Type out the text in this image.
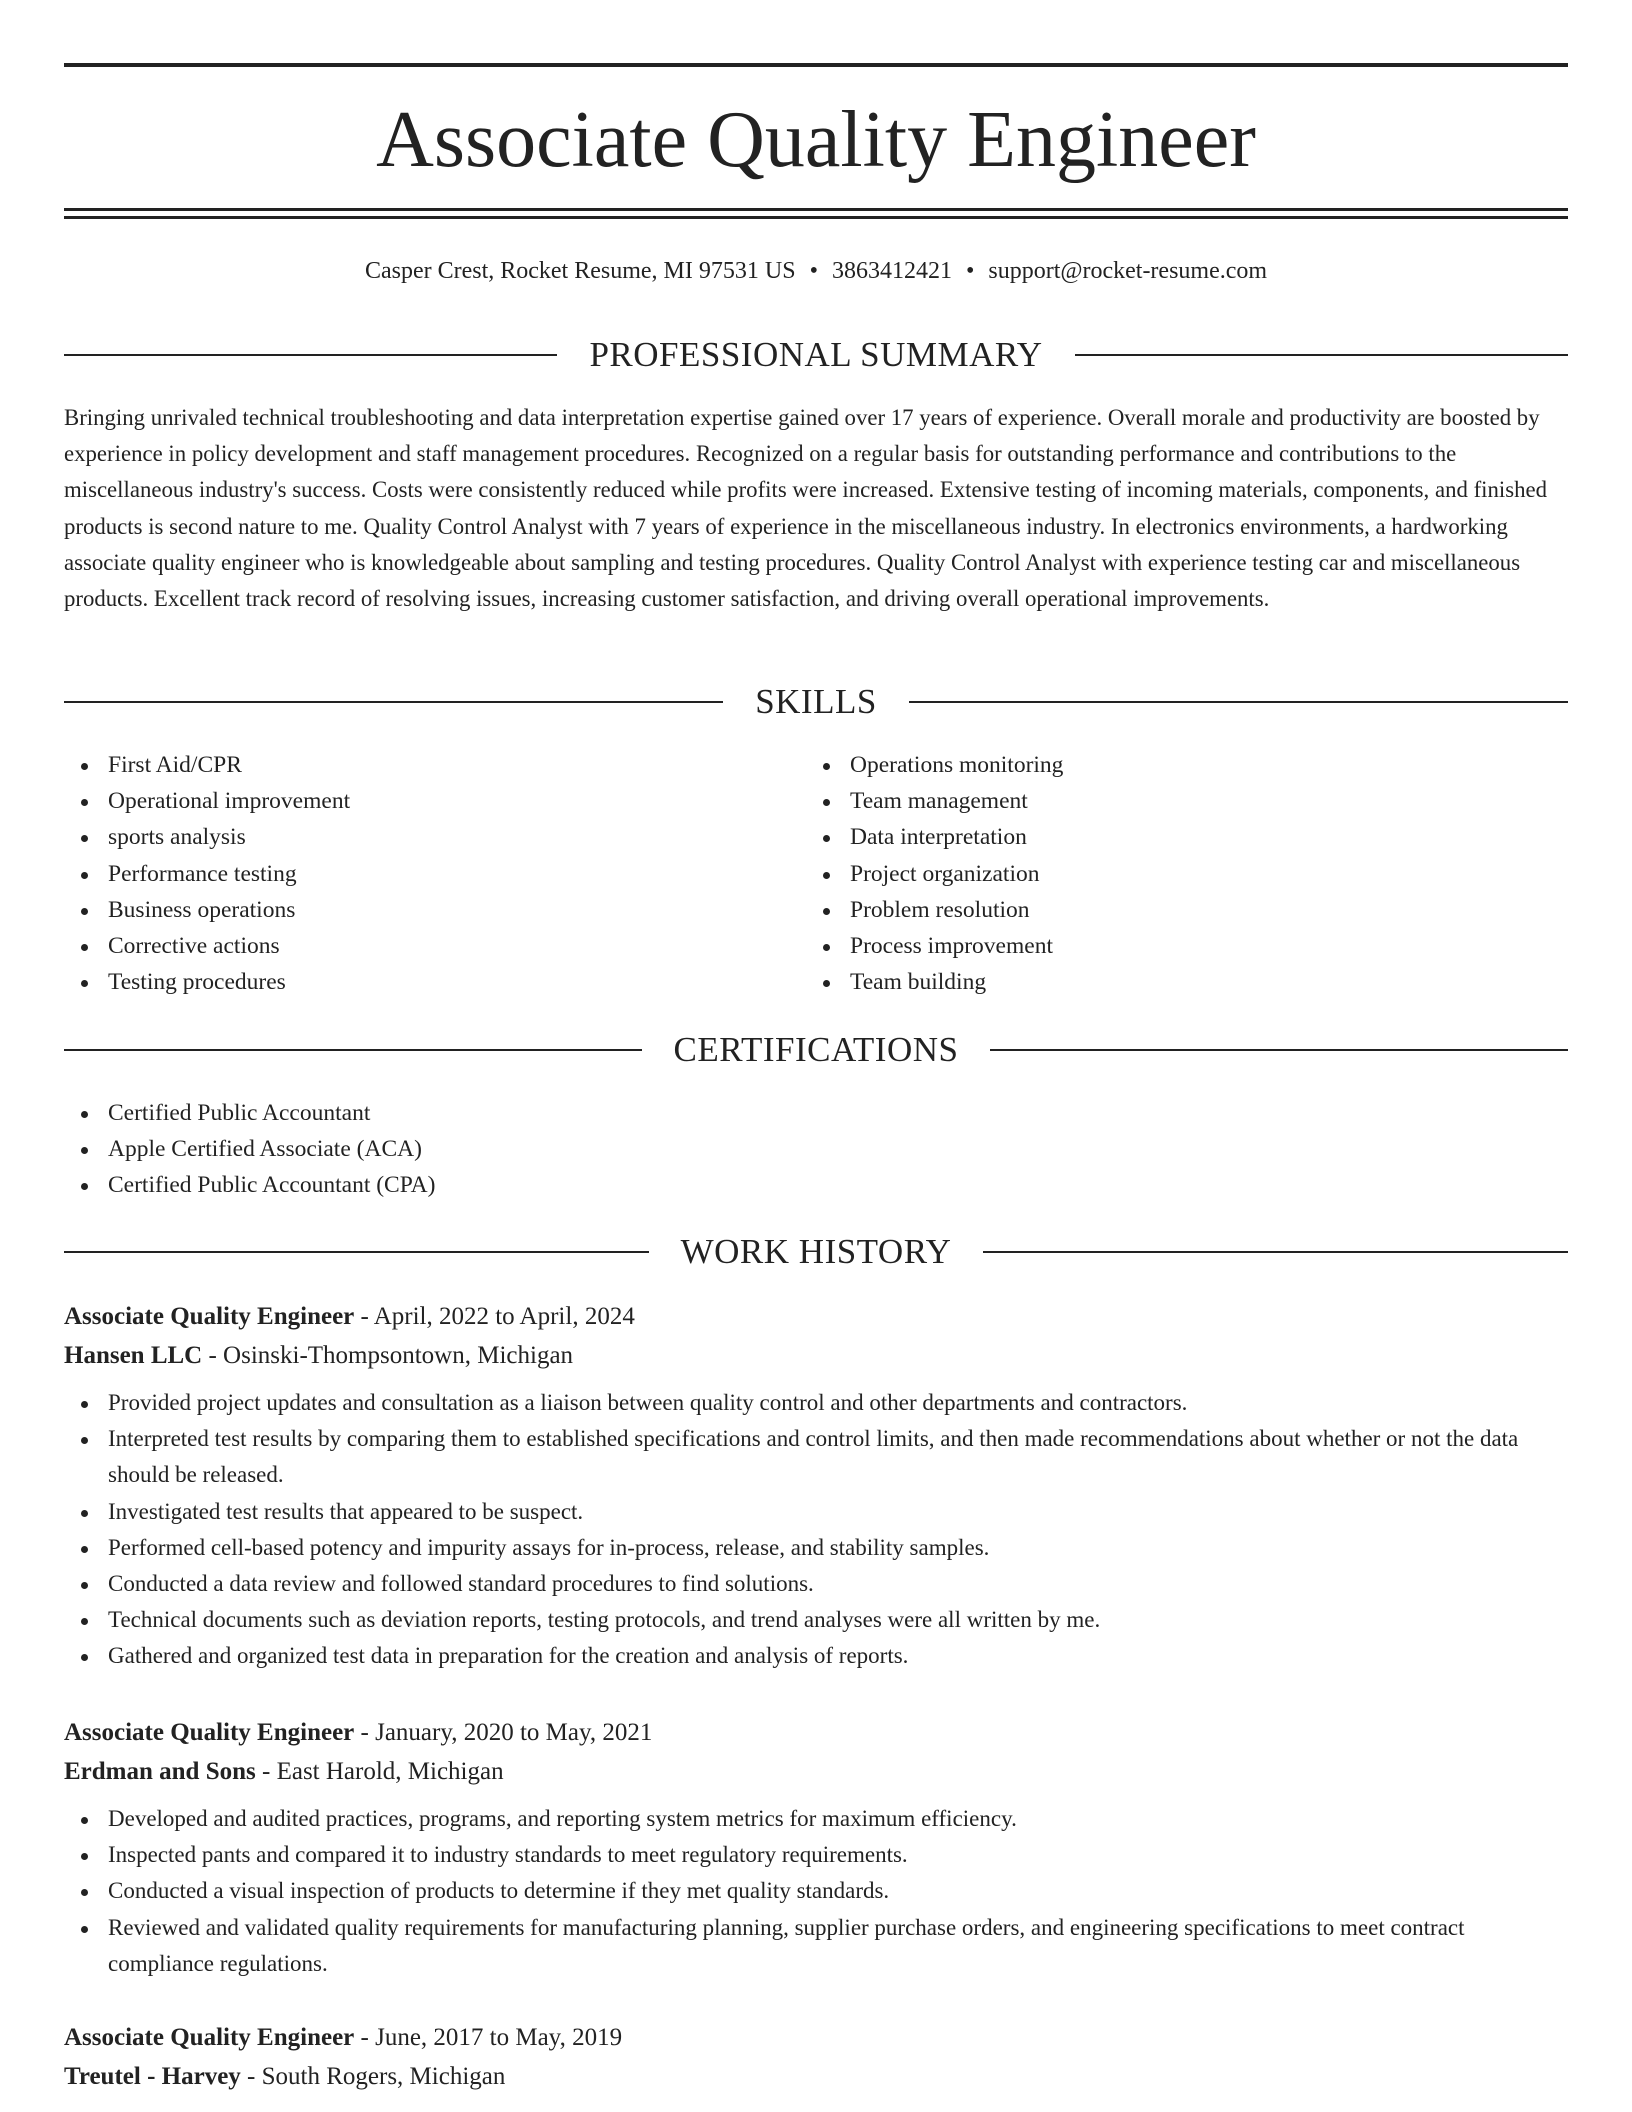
Associate Quality Engineer
Casper Crest, Rocket Resume, MI 97531 US • 3863412421 • support@rocket-resume.com
PROFESSIONAL SUMMARY

Bringing unrivaled technical troubleshooting and data interpretation expertise gained over 17 years of experience. Overall morale and productivity are boosted by experience in policy development and staff management procedures. Recognized on a regular basis for outstanding performance and contributions to the miscellaneous industry's success. Costs were consistently reduced while profits were increased. Extensive testing of incoming materials, components, and finished products is second nature to me. Quality Control Analyst with 7 years of experience in the miscellaneous industry. In electronics environments, a hardworking associate quality engineer who is knowledgeable about sampling and testing procedures. Quality Control Analyst with experience testing car and miscellaneous products. Excellent track record of resolving issues, increasing customer satisfaction, and driving overall operational improvements.

SKILLS
First Aid/CPR
Operational improvement
sports analysis
Performance testing
Business operations
Corrective actions
Testing procedures
Operations monitoring
Team management
Data interpretation
Project organization
Problem resolution
Process improvement
Team building
CERTIFICATIONS
Certified Public Accountant
Apple Certified Associate (ACA)
Certified Public Accountant (CPA)
WORK HISTORY
Associate Quality Engineer - April, 2022 to April, 2024
Hansen LLC - Osinski-Thompsontown, Michigan
Provided project updates and consultation as a liaison between quality control and other departments and contractors.
Interpreted test results by comparing them to established specifications and control limits, and then made recommendations about whether or not the data should be released.
Investigated test results that appeared to be suspect.
Performed cell-based potency and impurity assays for in-process, release, and stability samples.
Conducted a data review and followed standard procedures to find solutions.
Technical documents such as deviation reports, testing protocols, and trend analyses were all written by me.
Gathered and organized test data in preparation for the creation and analysis of reports.
Associate Quality Engineer - January, 2020 to May, 2021
Erdman and Sons - East Harold, Michigan
Developed and audited practices, programs, and reporting system metrics for maximum efficiency.
Inspected pants and compared it to industry standards to meet regulatory requirements.
Conducted a visual inspection of products to determine if they met quality standards.
Reviewed and validated quality requirements for manufacturing planning, supplier purchase orders, and engineering specifications to meet contract compliance regulations.
Associate Quality Engineer - June, 2017 to May, 2019
Treutel - Harvey - South Rogers, Michigan
